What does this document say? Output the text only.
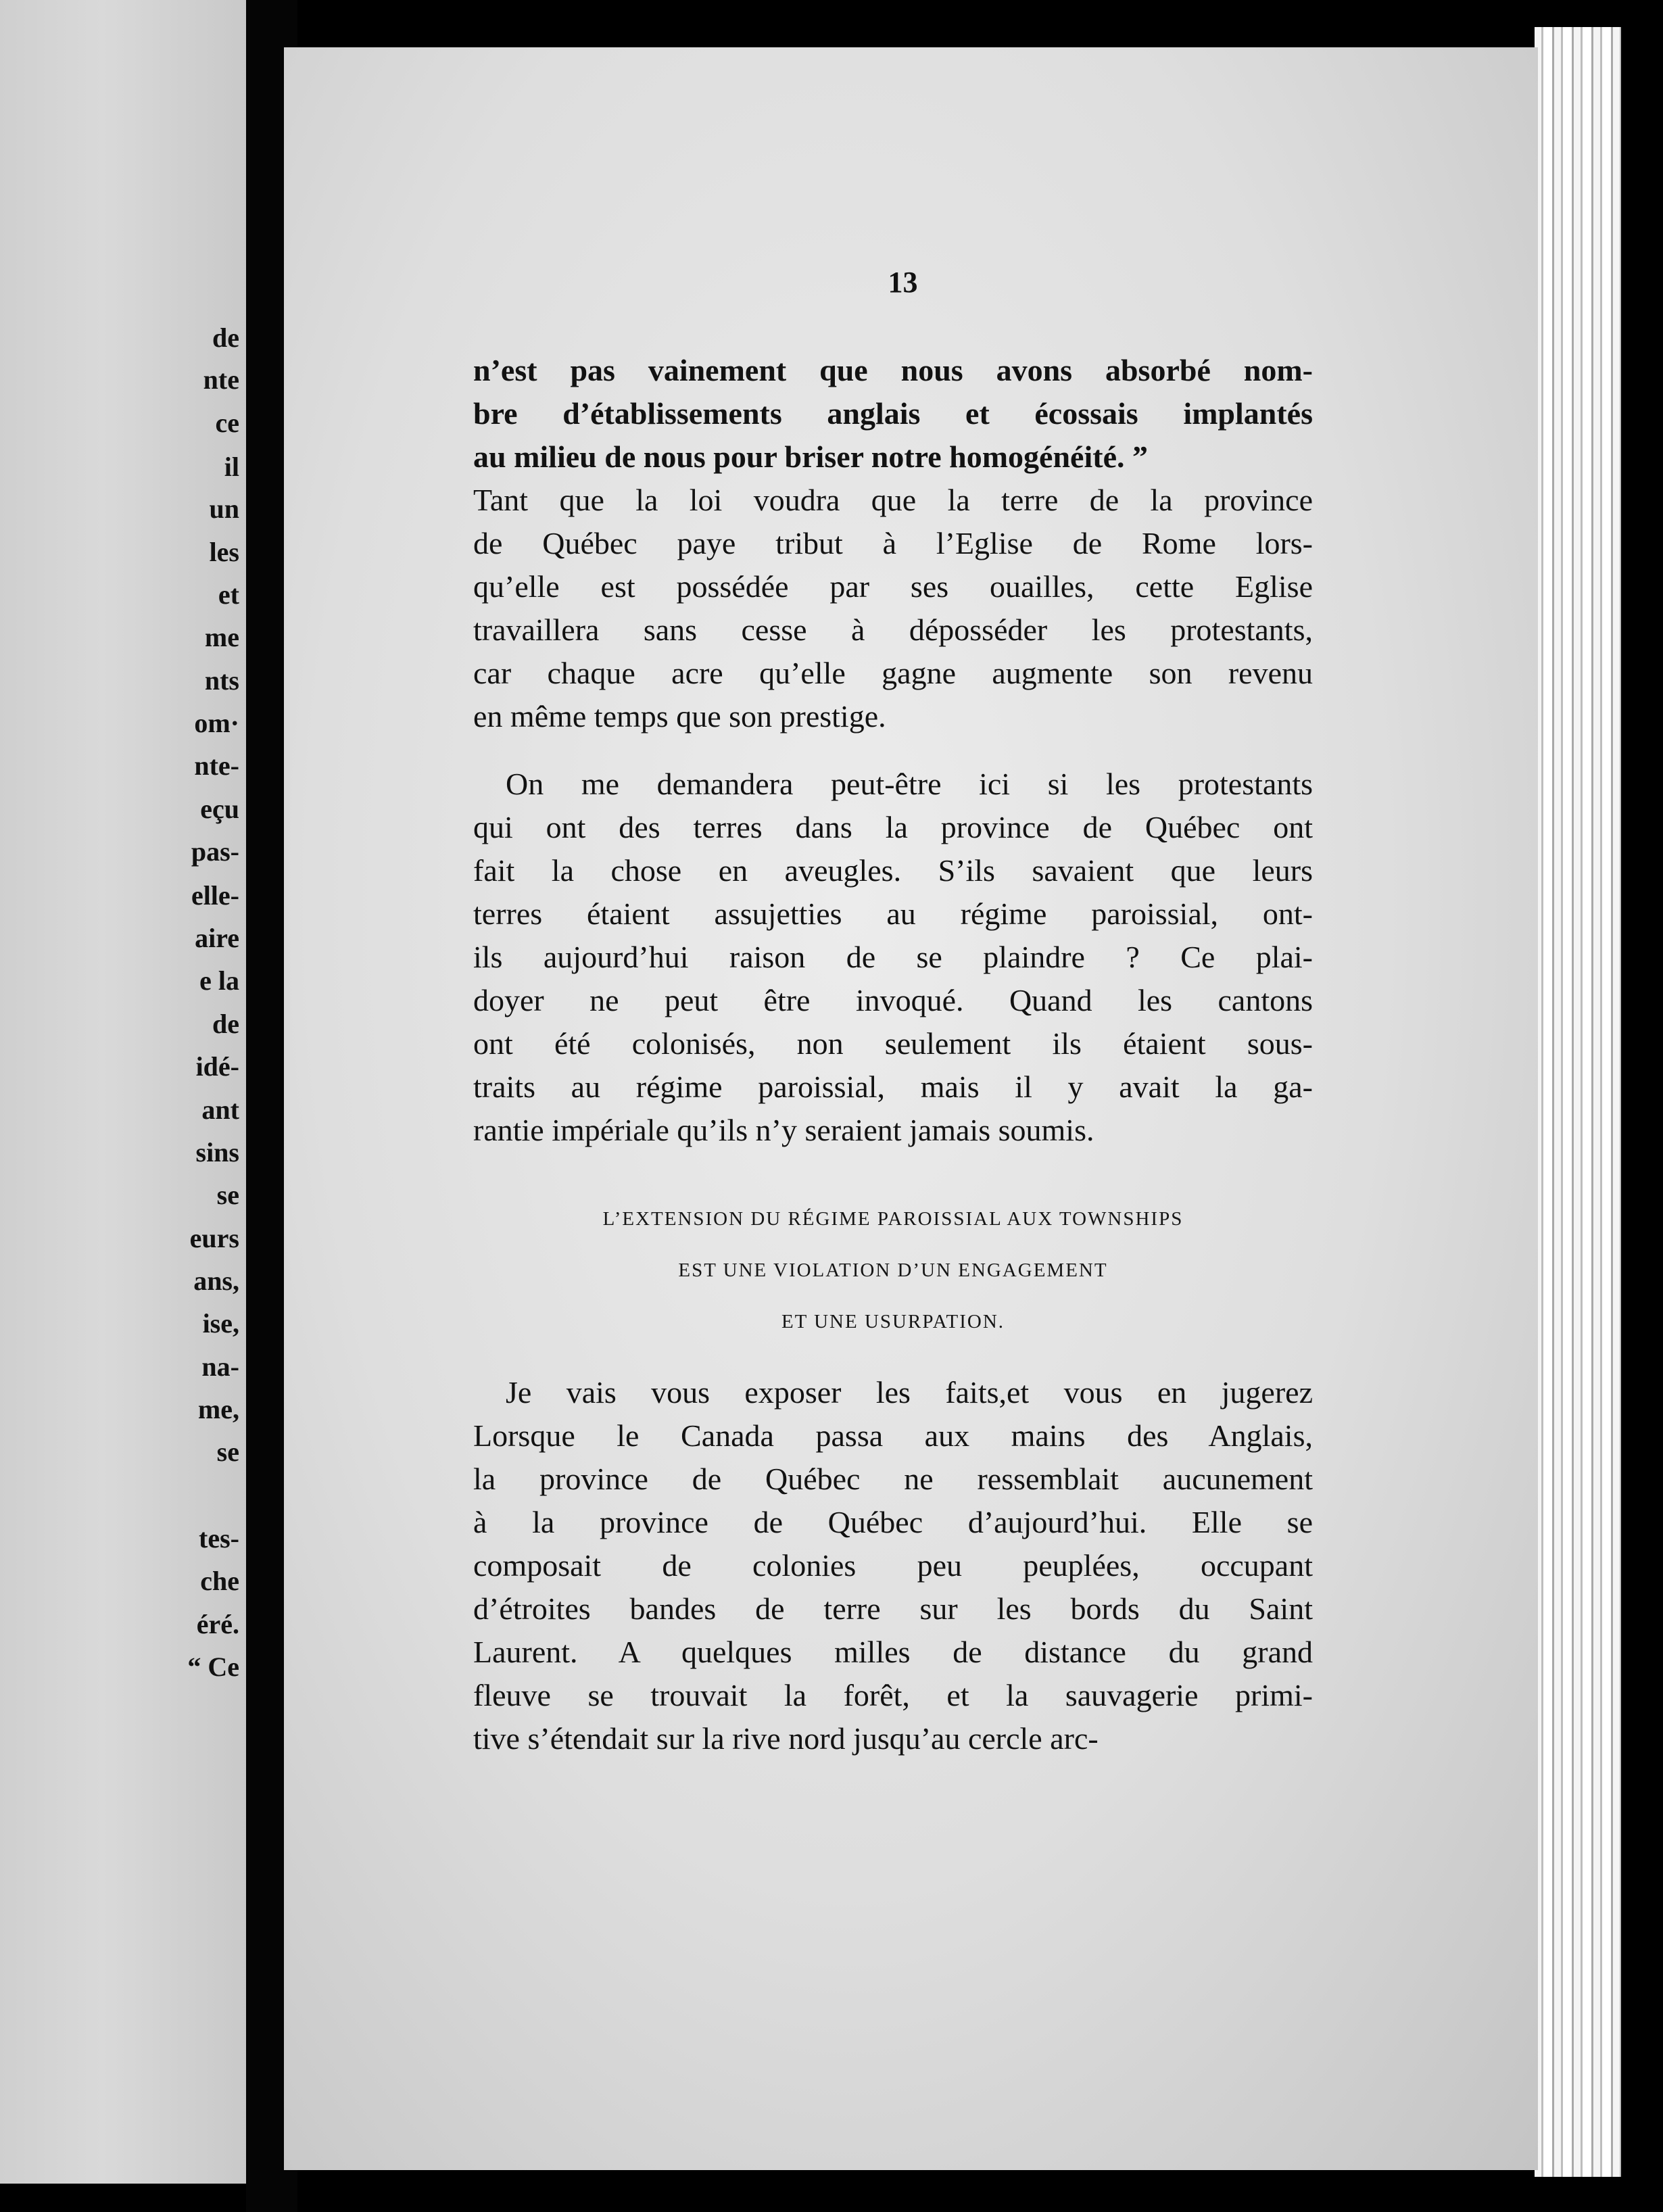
de
nte
ce
il
un
les
et
me
nts
om·
nte-
eçu
pas-
elle-
aire
e la
de
idé-
ant
sins
se
eurs
ans,
ise,
na-
me,
se
tes-
che
éré.
“ Ce
13
n’est pas vainement que nous avons absorbé nom-
bre d’établissements anglais et écossais implantés
au milieu de nous pour briser notre homogénéité. ”
Tant que la loi voudra que la terre de la province
de Québec paye tribut à l’Eglise de Rome lors-
qu’elle est possédée par ses ouailles, cette Eglise
travaillera sans cesse à déposséder les protestants,
car chaque acre qu’elle gagne augmente son revenu
en même temps que son prestige.
On me demandera peut-être ici si les protestants
qui ont des terres dans la province de Québec ont
fait la chose en aveugles. S’ils savaient que leurs
terres étaient assujetties au régime paroissial, ont-
ils aujourd’hui raison de se plaindre ? Ce plai-
doyer ne peut être invoqué. Quand les cantons
ont été colonisés, non seulement ils étaient sous-
traits au régime paroissial, mais il y avait la ga-
rantie impériale qu’ils n’y seraient jamais soumis.
L’EXTENSION DU RÉGIME PAROISSIAL AUX TOWNSHIPS
EST UNE VIOLATION D’UN ENGAGEMENT
ET UNE USURPATION.
Je vais vous exposer les faits,et vous en jugerez
Lorsque le Canada passa aux mains des Anglais,
la province de Québec ne ressemblait aucunement
à la province de Québec d’aujourd’hui. Elle se
composait de colonies peu peuplées, occupant
d’étroites bandes de terre sur les bords du Saint
Laurent. A quelques milles de distance du grand
fleuve se trouvait la forêt, et la sauvagerie primi-
tive s’étendait sur la rive nord jusqu’au cercle arc-
